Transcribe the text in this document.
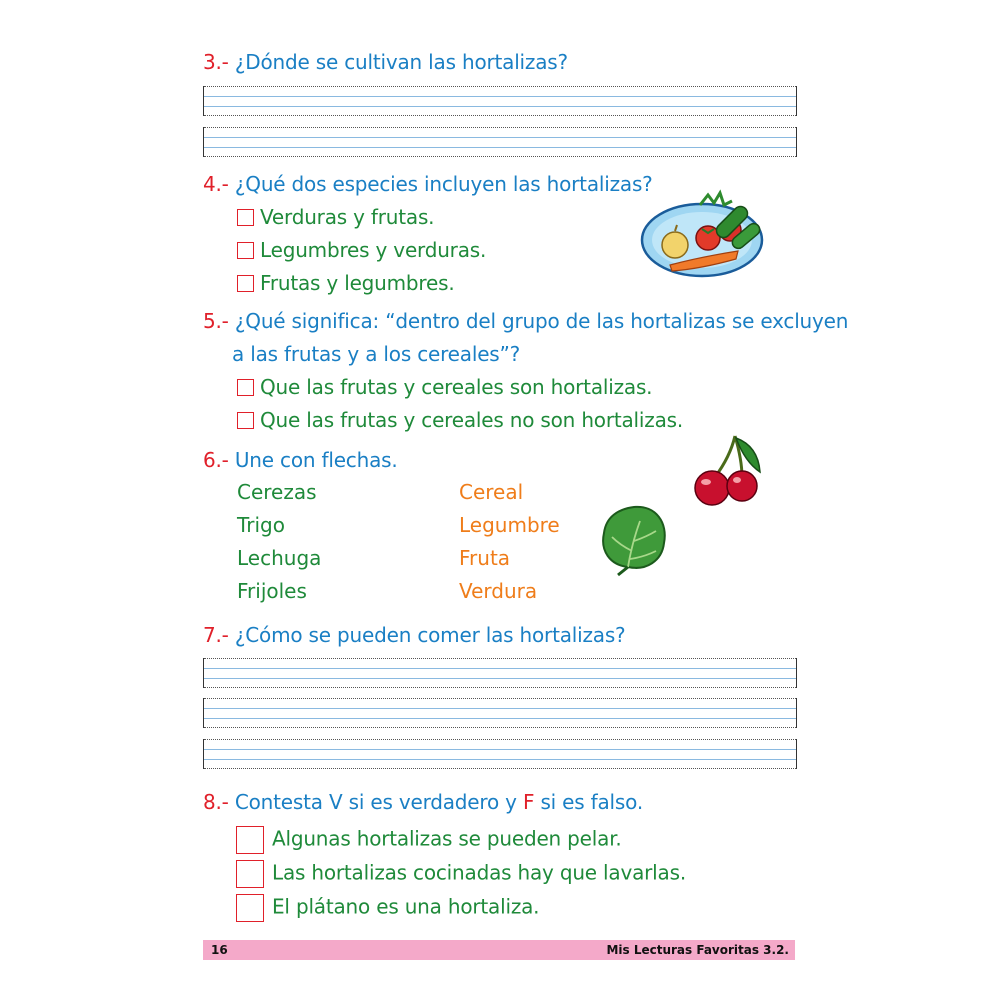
3.- ¿Dónde se cultivan las hortalizas?
4.- ¿Qué dos especies incluyen las hortalizas?
Verduras y frutas.
Legumbres y verduras.
Frutas y legumbres.
5.- ¿Qué significa: “dentro del grupo de las hortalizas se excluyen
a las frutas y a los cereales”?
Que las frutas y cereales son hortalizas.
Que las frutas y cereales no son hortalizas.
6.- Une con flechas.
Cerezas
Trigo
Lechuga
Frijoles
Cereal
Legumbre
Fruta
Verdura
7.- ¿Cómo se pueden comer las hortalizas?
8.- Contesta V si es verdadero y F si es falso.
Algunas hortalizas se pueden pelar.
Las hortalizas cocinadas hay que lavarlas.
El plátano es una hortaliza.
16	Mis Lecturas Favoritas 3.2.
